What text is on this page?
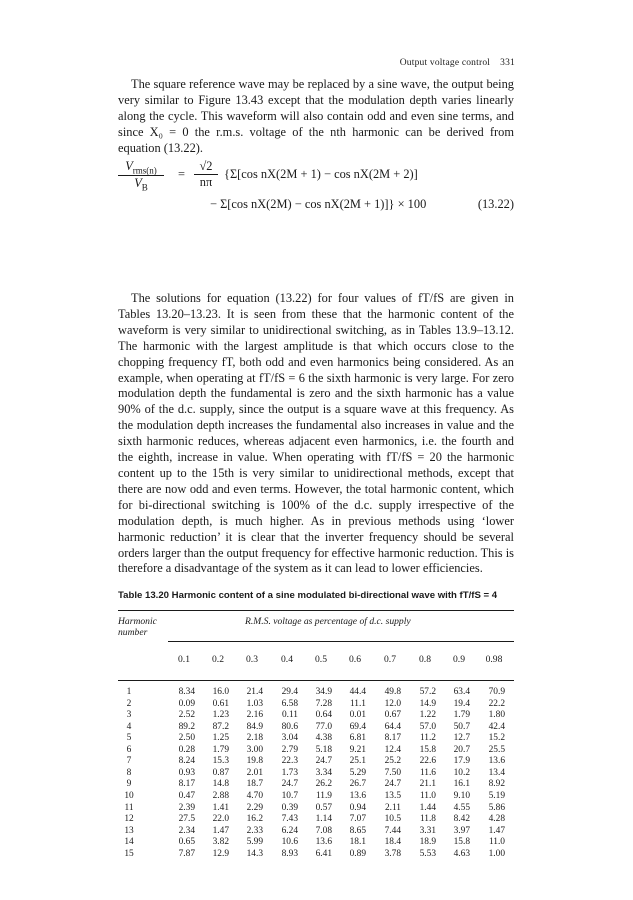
Output voltage control 331

The square reference wave may be replaced by a sine wave, the output being very similar to Figure 13.43 except that the modulation depth varies linearly along the cycle. This waveform will also contain odd and even sine terms, and since X₀ = 0 the r.m.s. voltage of the nth harmonic can be derived from equation (13.22).

$V_{rms(n)}$
$V_B$
= $\frac{√2}{n\pi} \{\Sigma[\cos$ nX(2M + 1) − cos nX(2M + 2)]
− Σ[cos nX(2M) − cos nX(2M + 1)]} × 100	(13.22)

The solutions for equation (13.22) for four values of fT/fS are given in Tables 13.20–13.23. It is seen from these that the harmonic content of the waveform is very similar to unidirectional switching, as in Tables 13.9–13.12. The harmonic with the largest amplitude is that which occurs close to the chopping frequency fT, both odd and even harmonics being considered. As an example, when operating at fT/fS = 6 the sixth harmonic is very large. For zero modulation depth the fundamental is zero and the sixth harmonic has a value 90% of the d.c. supply, since the output is a square wave at this frequency. As the modulation depth increases the fundamental also increases in value and the sixth harmonic reduces, whereas adjacent even harmonics, i.e. the fourth and the eighth, increase in value. When operating with fT/fS = 20 the harmonic content up to the 15th is very similar to unidirectional methods, except that there are now odd and even terms. However, the total harmonic content, which for bi-directional switching is 100% of the d.c. supply irrespective of the modulation depth, is much higher. As in previous methods using ‘lower harmonic reduction’ it is clear that the inverter frequency should be several orders larger than the output frequency for effective harmonic reduction. This is therefore a disadvantage of the system as it can lead to lower efficiencies.

Table 13.20 Harmonic content of a sine modulated bi-directional wave with fT/fS = 4
Harmonic number
R.M.S. voltage as percentage of d.c. supply
0.1	0.2	0.3	0.4	0.5	0.6	0.7	0.8	0.9	0.98
1	8.34 16.0 21.4 29.4 34.9 44.4 49.8 57.2 63.4 70.9
2	0.09 0.61 1.03 6.58 7.28 11.1 12.0 14.9 19.4 22.2
3	2.52 1.23 2.16 0.11 0.64 0.01 0.67 1.22 1.79 1.80
4	89.2 87.2 84.9 80.6 77.0 69.4 64.4 57.0 50.7 42.4
5	2.50 1.25 2.18 3.04 4.38 6.81 8.17 11.2 12.7 15.2
6	0.28 1.79 3.00 2.79 5.18 9.21 12.4 15.8 20.7 25.5
7	8.24 15.3 19.8 22.3 24.7 25.1 25.2 22.6 17.9 13.6
8	0.93 0.87 2.01 1.73 3.34 5.29 7.50 11.6 10.2 13.4
9	8.17 14.8 18.7 24.7 26.2 26.7 24.7 21.1 16.1 8.92
10	0.47 2.88 4.70 10.7 11.9 13.6 13.5 11.0 9.10 5.19
11	2.39 1.41 2.29 0.39 0.57 0.94 2.11 1.44 4.55 5.86
12	27.5 22.0 16.2 7.43 1.14 7.07 10.5 11.8 8.42 4.28
13	2.34 1.47 2.33 6.24 7.08 8.65 7.44 3.31 3.97 1.47
14	0.65 3.82 5.99 10.6 13.6 18.1 18.4 18.9 15.8 11.0
15	7.87 12.9 14.3 8.93 6.41 0.89 3.78 5.53 4.63 1.00
